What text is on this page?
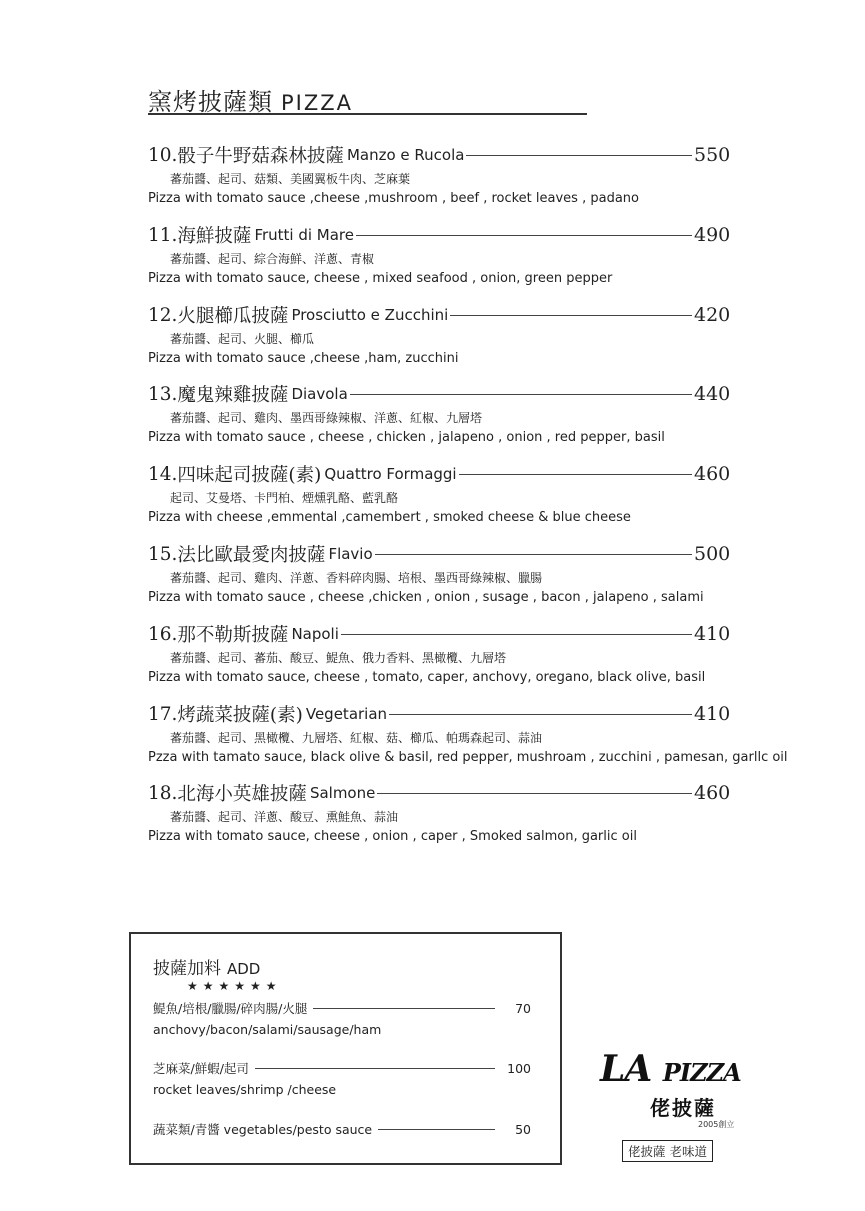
窯烤披薩類 PIZZA
10. 骰子牛野菇森林披薩 Manzo e Rucola	550
蕃茄醬、起司、菇類、美國翼板牛肉、芝麻葉
Pizza with tomato sauce ,cheese ,mushroom , beef , rocket leaves , padano
11. 海鮮披薩 Frutti di Mare	490
蕃茄醬、起司、綜合海鮮、洋蔥、青椒
Pizza with tomato sauce, cheese , mixed seafood , onion, green pepper
12. 火腿櫛瓜披薩 Prosciutto e Zucchini	420
蕃茄醬、起司、火腿、櫛瓜
Pizza with tomato sauce ,cheese ,ham, zucchini
13. 魔鬼辣雞披薩 Diavola	440
蕃茄醬、起司、雞肉、墨西哥綠辣椒、洋蔥、紅椒、九層塔
Pizza with tomato sauce , cheese , chicken , jalapeno , onion , red pepper, basil
14. 四味起司披薩(素) Quattro Formaggi	460
起司、艾曼塔、卡門柏、煙燻乳酪、藍乳酪
Pizza with cheese ,emmental ,camembert , smoked cheese & blue cheese
15. 法比歐最愛肉披薩 Flavio	500
蕃茄醬、起司、雞肉、洋蔥、香料碎肉腸、培根、墨西哥綠辣椒、臘腸
Pizza with tomato sauce , cheese ,chicken , onion , susage , bacon , jalapeno , salami
16. 那不勒斯披薩 Napoli	410
蕃茄醬、起司、蕃茄、酸豆、鯷魚、俄力香料、黑橄欖、九層塔
Pizza with tomato sauce, cheese , tomato, caper, anchovy, oregano, black olive, basil
17. 烤蔬菜披薩(素) Vegetarian	410
蕃茄醬、起司、黑橄欖、九層塔、紅椒、菇、櫛瓜、帕瑪森起司、蒜油
Pzza with tamato sauce, black olive & basil, red pepper, mushroam , zucchini , pamesan, garllc oil
18. 北海小英雄披薩 Salmone	460
蕃茄醬、起司、洋蔥、酸豆、熏鮭魚、蒜油
Pizza with tomato sauce, cheese , onion , caper , Smoked salmon, garlic oil
披薩加料 ADD
★★★★★★
鯷魚/培根/臘腸/碎肉腸/火腿	70
anchovy/bacon/salami/sausage/ham
芝麻菜/鮮蝦/起司	100
rocket leaves/shrimp /cheese
蔬菜類/青醬 vegetables/pesto sauce	50
LA PIZZA
佬披薩
2005創立
佬披薩 老味道
